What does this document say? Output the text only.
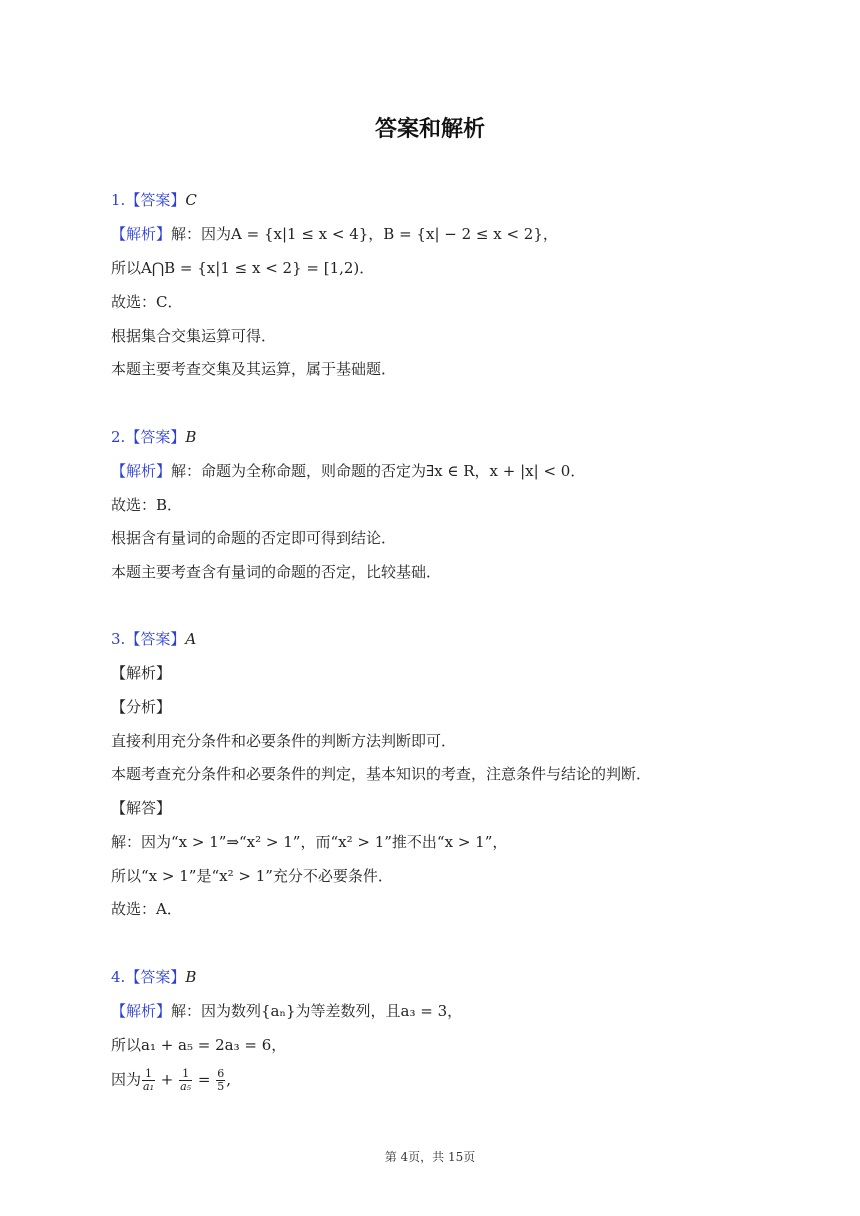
答案和解析
1.【答案】C
【解析】解：因为A = {x|1 ≤ x < 4}，B = {x| − 2 ≤ x < 2}，
所以A⋂B = {x|1 ≤ x < 2} = [1,2)．
故选：C．
根据集合交集运算可得．
本题主要考查交集及其运算，属于基础题．
2.【答案】B
【解析】解：命题为全称命题，则命题的否定为∃x ∈ R，x + |x| < 0．
故选：B．
根据含有量词的命题的否定即可得到结论．
本题主要考查含有量词的命题的否定，比较基础．
3.【答案】A
【解析】
【分析】
直接利用充分条件和必要条件的判断方法判断即可．
本题考查充分条件和必要条件的判定，基本知识的考查，注意条件与结论的判断．
【解答】
解：因为“x > 1”⇒“x² > 1”，而“x² > 1”推不出“x > 1”，
所以“x > 1”是“x² > 1”充分不必要条件．
故选：A．
4.【答案】B
【解析】解：因为数列{aₙ}为等差数列，且a₃ = 3，
所以a₁ + a₅ = 2a₃ = 6，
因为 $\frac{1}{\text{a₁}} + \frac{1}{\text{a₅}} = \frac{6}{5}$ ,
第 4页，共 15页
